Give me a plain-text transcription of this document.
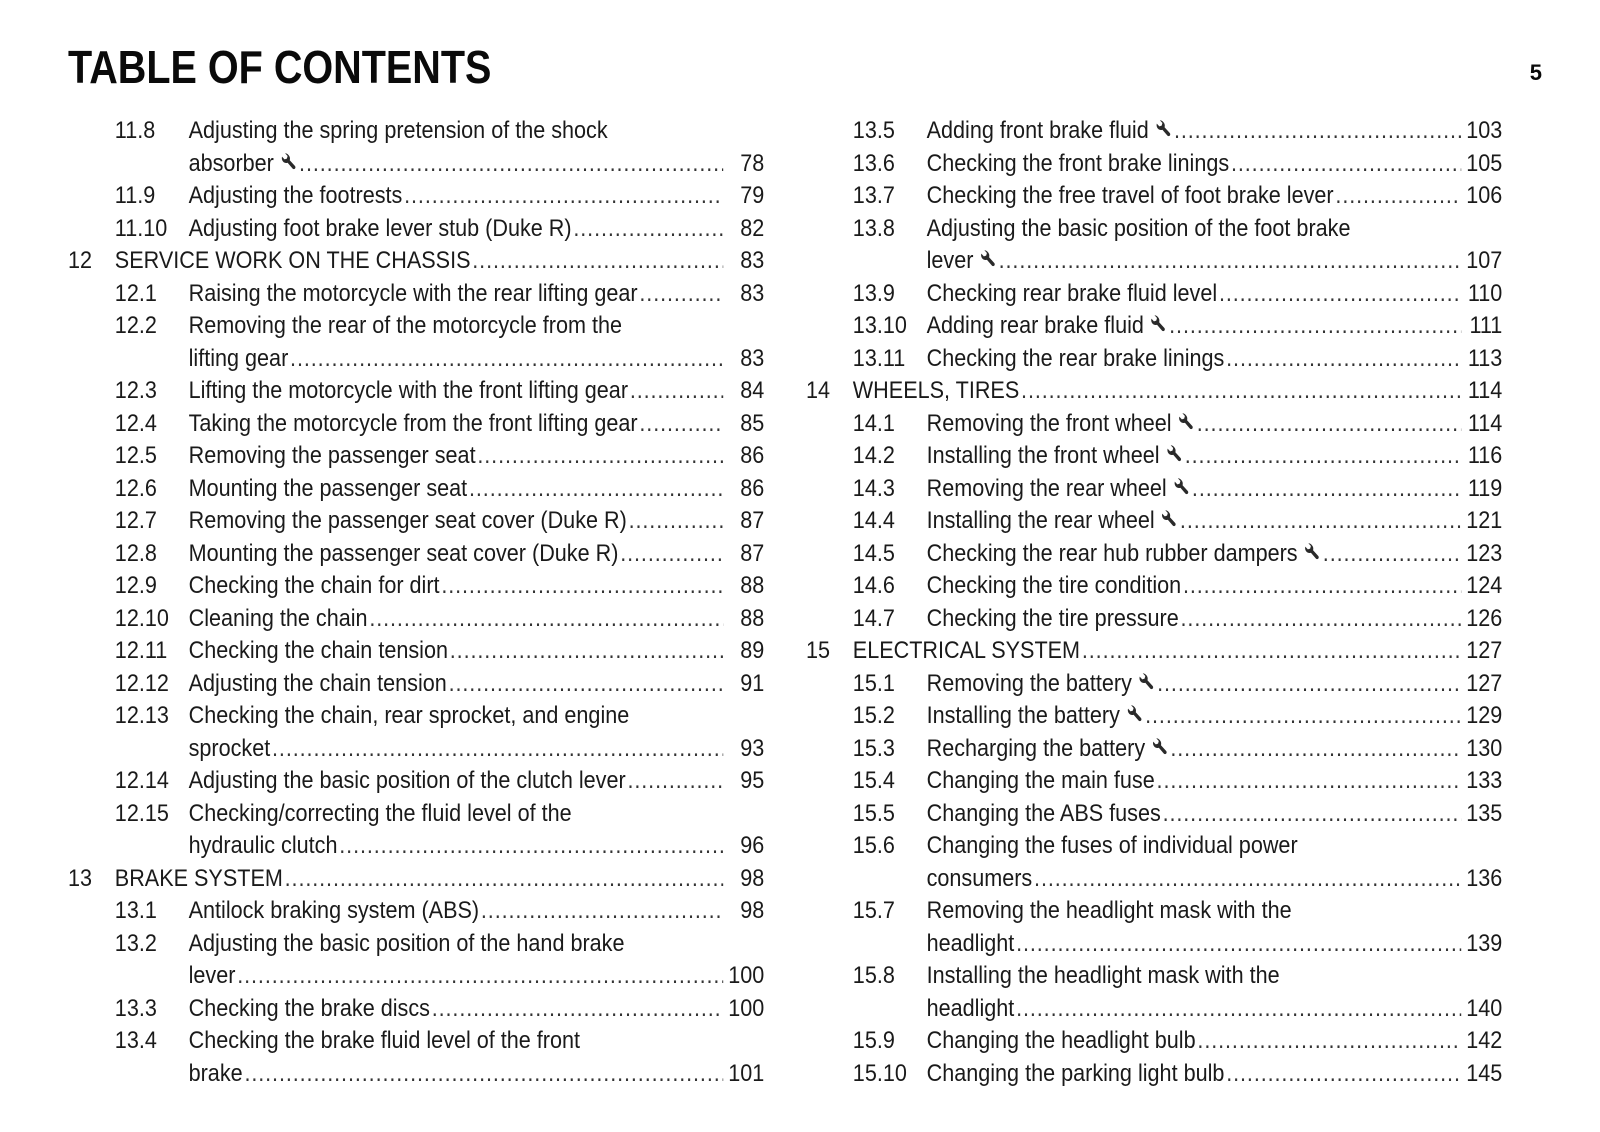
TABLE OF CONTENTS	5
11.8	Adjusting the spring pretension of the shock
absorber .....	78
11.9	Adjusting the footrests .....	79
11.10 Adjusting foot brake lever stub (Duke R) .....	82
12 SERVICE WORK ON THE CHASSIS .....	83
12.1	Raising the motorcycle with the rear lifting gear .....	83
12.2	Removing the rear of the motorcycle from the
lifting gear .....	83
12.3	Lifting the motorcycle with the front lifting gear .....	84
12.4	Taking the motorcycle from the front lifting gear .....	85
12.5	Removing the passenger seat .....	86
12.6	Mounting the passenger seat .....	86
12.7	Removing the passenger seat cover (Duke R) .....	87
12.8	Mounting the passenger seat cover (Duke R) .....	87
12.9	Checking the chain for dirt .....	88
12.10 Cleaning the chain .....	88
12.11 Checking the chain tension .....	89
12.12 Adjusting the chain tension .....	91
12.13 Checking the chain, rear sprocket, and engine
sprocket .....	93
12.14 Adjusting the basic position of the clutch lever .....	95
12.15 Checking/correcting the fluid level of the
hydraulic clutch .....	96
13 BRAKE SYSTEM .....	98
13.1	Antilock braking system (ABS) .....	98
13.2	Adjusting the basic position of the hand brake
lever .....	100
13.3	Checking the brake discs .....	100
13.4	Checking the brake fluid level of the front
brake .....	101
13.5	Adding front brake fluid .....	103
13.6	Checking the front brake linings .....	105
13.7	Checking the free travel of foot brake lever .....	106
13.8	Adjusting the basic position of the foot brake
lever .....	107
13.9	Checking rear brake fluid level .....	110
13.10 Adding rear brake fluid .....	111
13.11 Checking the rear brake linings .....	113
14 WHEELS, TIRES .....	114
14.1	Removing the front wheel .....	114
14.2	Installing the front wheel .....	116
14.3	Removing the rear wheel .....	119
14.4	Installing the rear wheel .....	121
14.5	Checking the rear hub rubber dampers .....	123
14.6	Checking the tire condition .....	124
14.7	Checking the tire pressure .....	126
15 ELECTRICAL SYSTEM .....	127
15.1	Removing the battery .....	127
15.2	Installing the battery .....	129
15.3	Recharging the battery .....	130
15.4	Changing the main fuse .....	133
15.5	Changing the ABS fuses .....	135
15.6	Changing the fuses of individual power
consumers .....	136
15.7	Removing the headlight mask with the
headlight .....	139
15.8	Installing the headlight mask with the
headlight .....	140
15.9	Changing the headlight bulb .....	142
15.10 Changing the parking light bulb .....	145
